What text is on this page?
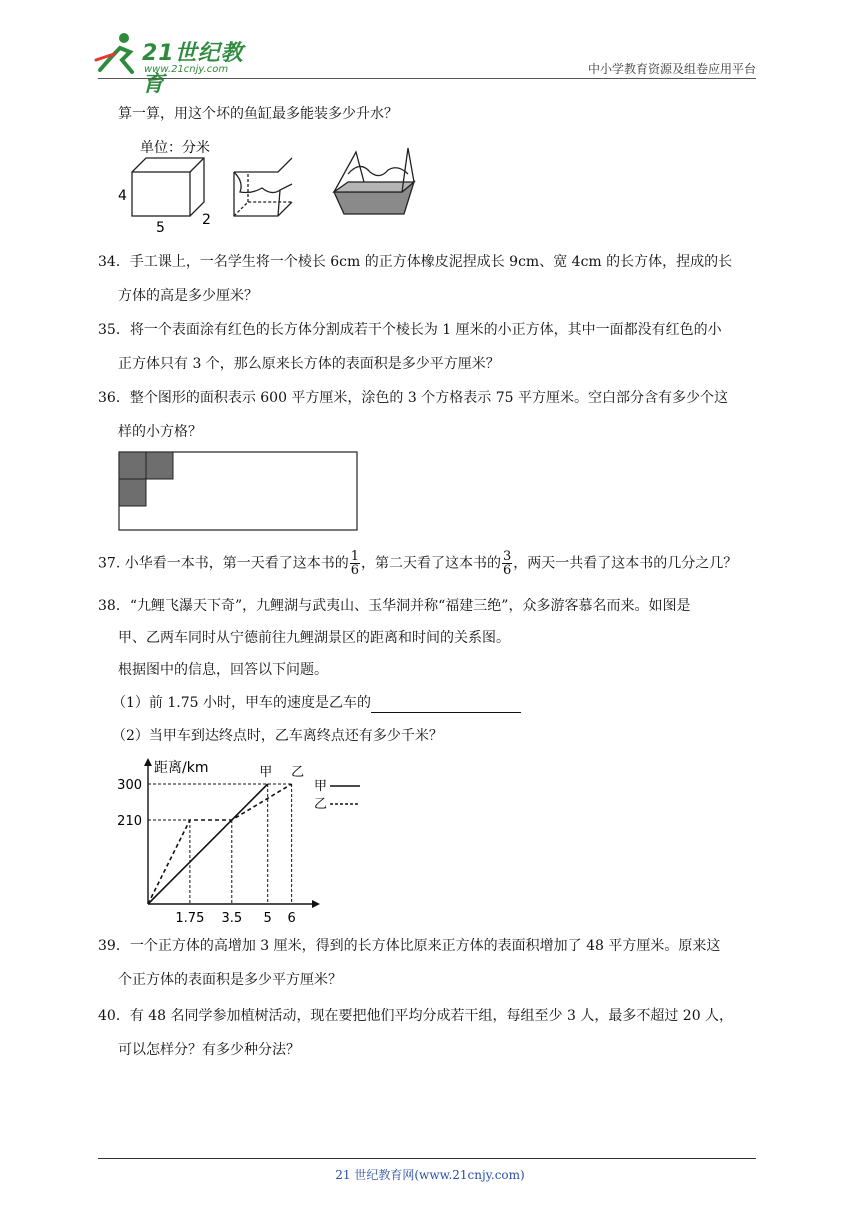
21世纪教育
www.21cnjy.com	中小学教育资源及组卷应用平台
算一算，用这个坏的鱼缸最多能装多少升水？
单位：分米
4
5	2
34．手工课上，一名学生将一个棱长 6cm 的正方体橡皮泥捏成长 9cm、宽 4cm 的长方体，捏成的长
方体的高是多少厘米？
35．将一个表面涂有红色的长方体分割成若干个棱长为 1 厘米的小正方体，其中一面都没有红色的小
正方体只有 3 个，那么原来长方体的表面积是多少平方厘米？
36．整个图形的面积表示 600 平方厘米，涂色的 3 个方格表示 75 平方厘米。空白部分含有多少个这
样的小方格？
37. 小华看一本书，第一天看了这本书的 $\frac{1}{6}$ ，第二天看了这本书的 $\frac{3}{6}$ ，两天一共看了这本书的几分之几？
38．“九鲤飞瀑天下奇”，九鲤湖与武夷山、玉华洞并称“福建三绝”，众多游客慕名而来。如图是
甲、乙两车同时从宁德前往九鲤湖景区的距离和时间的关系图。
根据图中的信息，回答以下问题。
（1）前 1.75 小时，甲车的速度是乙车的
（2）当甲车到达终点时，乙车离终点还有多少千米？
距离/km
210
300
1.75 3.5 5 6
甲 乙
甲
乙
39．一个正方体的高增加 3 厘米，得到的长方体比原来正方体的表面积增加了 48 平方厘米。原来这
个正方体的表面积是多少平方厘米？
40．有 48 名同学参加植树活动，现在要把他们平均分成若干组，每组至少 3 人，最多不超过 20 人，
可以怎样分？有多少种分法？
21 世纪教育网(www.21cnjy.com)
